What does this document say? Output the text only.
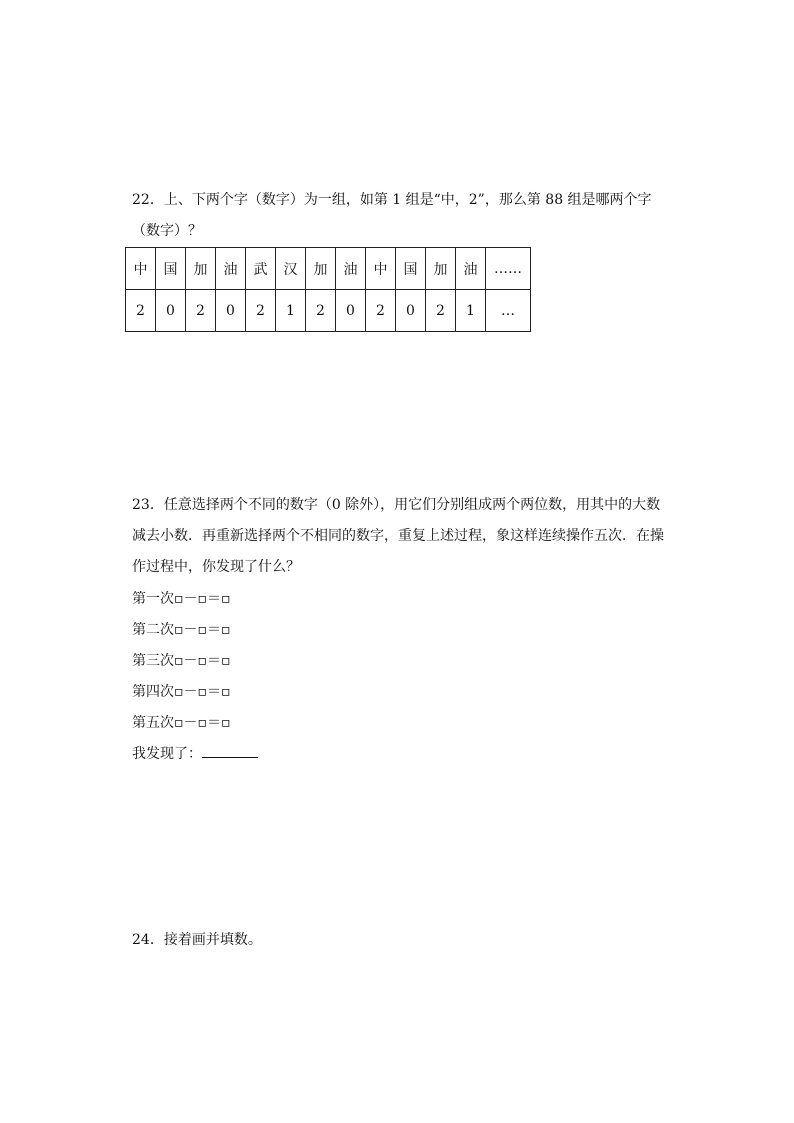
22．上、下两个字（数字）为一组，如第 1 组是“中，2”，那么第 88 组是哪两个字（数字）？

中	国	加	油	武	汉	加	油	中	国	加	油	……
2	0	2	0	2	1	2	0	2	0	2	1	…

23．任意选择两个不同的数字（0 除外），用它们分别组成两个两位数，用其中的大数减去小数．再重新选择两个不相同的数字，重复上述过程，象这样连续操作五次．在操作过程中，你发现了什么？

第一次▫－▫＝▫
第二次▫－▫＝▫
第三次▫－▫＝▫
第四次▫－▫＝▫
第五次▫－▫＝▫
我发现了：

24．接着画并填数。
